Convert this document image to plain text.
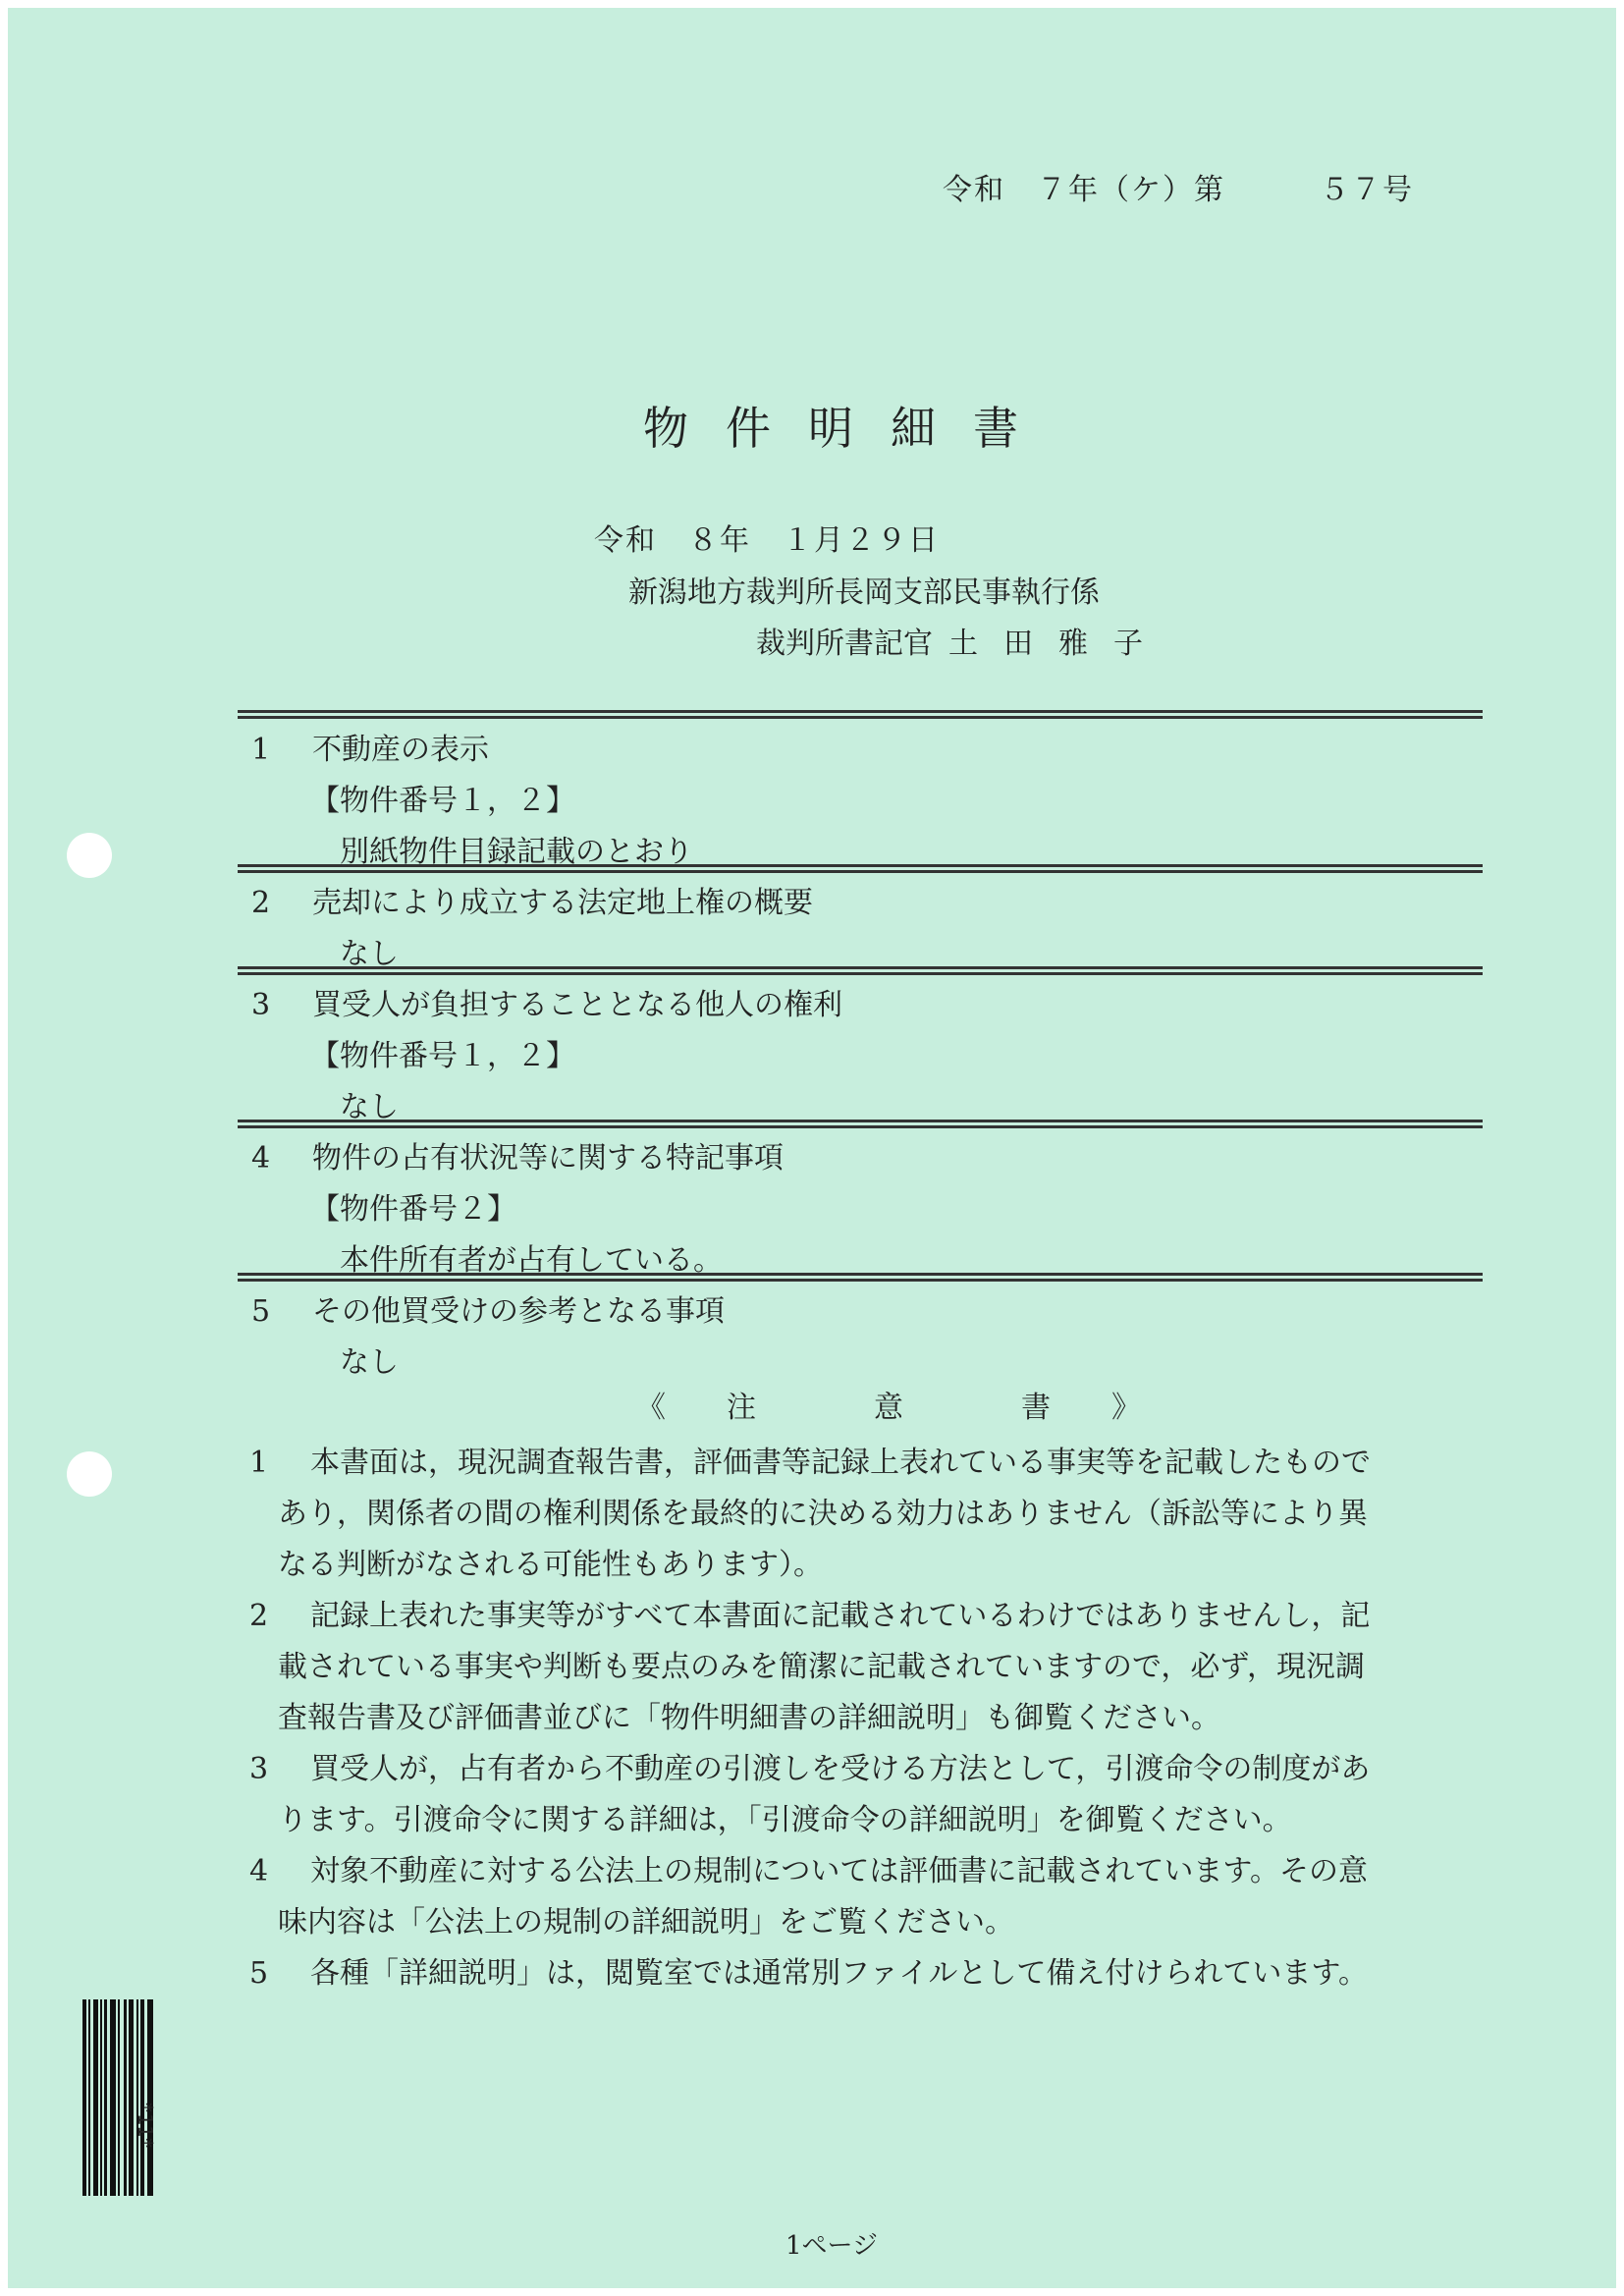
令和　７年（ケ）第　　　５７号
物件明細書
令和　８年　１月２９日
新潟地方裁判所長岡支部民事執行係
裁判所書記官 土田雅子
1 不動産の表示
【物件番号１，２】
　別紙物件目録記載のとおり
2 売却により成立する法定地上権の概要
　なし
3 買受人が負担することとなる他人の権利
【物件番号１，２】
　なし
4 物件の占有状況等に関する特記事項
【物件番号２】
　本件所有者が占有している。
5 その他買受けの参考となる事項
　なし
《 注	意	書 》
1 本書面は，現況調査報告書，評価書等記録上表れている事実等を記載したもので
あり，関係者の間の権利関係を最終的に決める効力はありません（訴訟等により異
なる判断がなされる可能性もあります）。
2 記録上表れた事実等がすべて本書面に記載されているわけではありませんし，記
載されている事実や判断も要点のみを簡潔に記載されていますので，必ず，現況調
査報告書及び評価書並びに「物件明細書の詳細説明」も御覧ください。
3 買受人が，占有者から不動産の引渡しを受ける方法として，引渡命令の制度があ
ります。引渡命令に関する詳細は，「引渡命令の詳細説明」を御覧ください。
4 対象不動産に対する公法上の規制については評価書に記載されています。その意
味内容は「公法上の規制の詳細説明」をご覧ください。
5 各種「詳細説明」は，閲覧室では通常別ファイルとして備え付けられています。
*11*
1ページ
